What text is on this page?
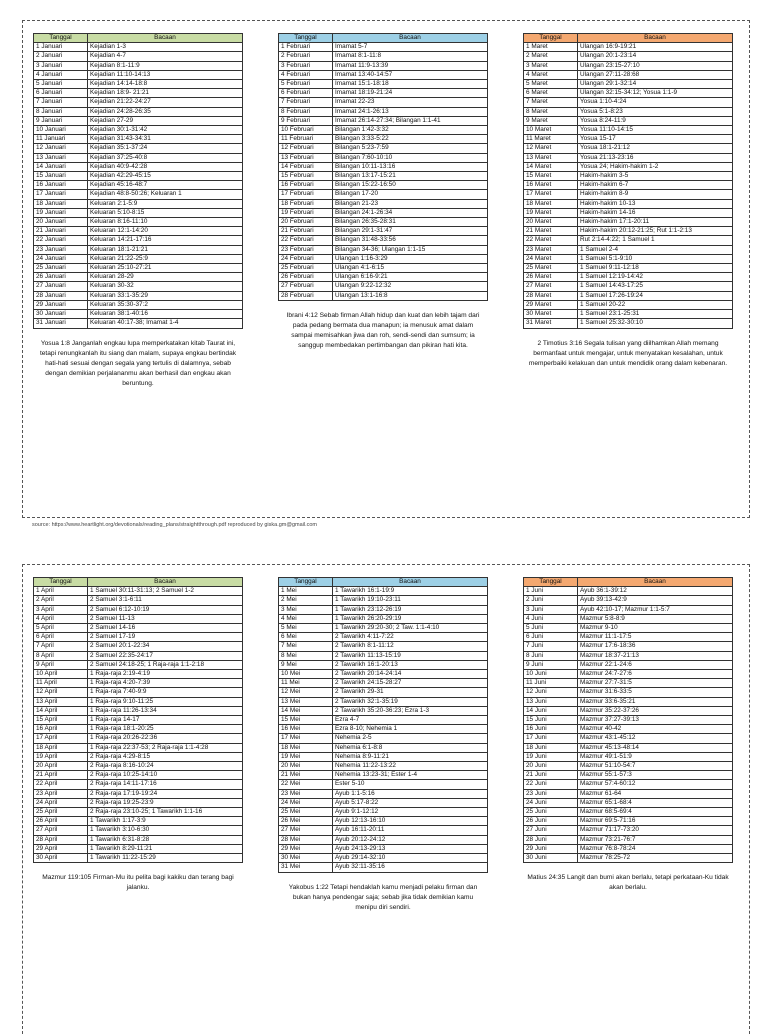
Tanggal	Bacaan
1 Januari	Kejadian 1-3
2 Januari	Kejadian 4-7
3 Januari	Kejadian 8:1-11:9
4 Januari	Kejadian 11:10-14:13
5 Januari	Kejadian 14:14-18:8
6 Januari	Kejadian 18:9- 21:21
7 Januari	Kejadian 21:22-24:27
8 Januari	Kejadian 24:28-26:35
9 Januari	Kejadian 27-29
10 Januari	Kejadian 30:1-31:42
11 Januari	Kejadian 31:43-34:31
12 Januari	Kejadian 35:1-37:24
13 Januari	Kejadian 37:25-40:8
14 Januari	Kejadian 40:9-42:28
15 Januari	Kejadian 42:29-45:15
16 Januari	Kejadian 45:16-48:7
17 Januari	Kejadian 48:8-50:26; Keluaran 1
18 Januari	Keluaran 2:1-5:9
19 Januari	Keluaran 5:10-8:15
20 Januari	Keluaran 8:16-11:10
21 Januari	Keluaran 12:1-14:20
22 Januari	Keluaran 14:21-17:16
23 Januari	Keluaran 18:1-21:21
24 Januari	Keluaran 21:22-25:9
25 Januari	Keluaran 25:10-27:21
26 Januari	Keluaran 28-29
27 Januari	Keluaran 30-32
28 Januari	Keluaran 33:1-35:29
29 Januari	Keluaran 35:30-37:2
30 Januari	Keluaran 38:1-40:16
31 Januari	Keluaran 40:17-38; Imamat 1-4
Yosua 1:8 Janganlah engkau lupa memperkatakan kitab Taurat ini, tetapi renungkanlah itu siang dan malam, supaya engkau bertindak hati-hati sesuai dengan segala yang tertulis di dalamnya, sebab dengan demikian perjalananmu akan berhasil dan engkau akan beruntung.
Tanggal	Bacaan
1 Februari	Imamat 5-7
2 Februari	Imamat 8:1-11:8
3 Februari	Imamat 11:9-13:39
4 Februari	Imamat 13:40-14:57
5 Februari	Imamat 15:1-18:18
6 Februari	Imamat 18:19-21:24
7 Februari	Imamat 22-23
8 Februari	Imamat 24:1-26:13
9 Februari	Imamat 26:14-27:34; Bilangan 1:1-41
10 Februari	Bilangan 1:42-3:32
11 Februari	Bilangan 3:33-5:22
12 Februari	Bilangan 5:23-7:59
13 Februari	Bilangan 7:60-10:10
14 Februari	Bilangan 10:11-13:16
15 Februari	Bilangan 13:17-15:21
16 Februari	Bilangan 15:22-16:50
17 Februari	Bilangan 17-20
18 Februari	Bilangan 21-23
19 Februari	Bilangan 24:1-26:34
20 Februari	Bilangan 26:35-28:31
21 Februari	Bilangan 29:1-31:47
22 Februari	Bilangan 31:48-33:56
23 Februari	Bilangan 34-36; Ulangan 1:1-15
24 Februari	Ulangan 1:16-3:29
25 Februari	Ulangan 4:1-6:15
26 Februari	Ulangan 6:16-9:21
27 Februari	Ulangan 9:22-12:32
28 Februari	Ulangan 13:1-16:8
Ibrani 4:12 Sebab firman Allah hidup dan kuat dan lebih tajam dari pada pedang bermata dua manapun; ia menusuk amat dalam sampai memisahkan jiwa dan roh, sendi-sendi dan sumsum; ia sanggup membedakan pertimbangan dan pikiran hati kita.
Tanggal	Bacaan
1 Maret	Ulangan 16:9-19:21
2 Maret	Ulangan 20:1-23:14
3 Maret	Ulangan 23:15-27:10
4 Maret	Ulangan 27:11-28:68
5 Maret	Ulangan 29:1-32:14
6 Maret	Ulangan 32:15-34:12; Yosua 1:1-9
7 Maret	Yosua 1:10-4:24
8 Maret	Yosua 5:1-8:23
9 Maret	Yosua 8:24-11:9
10 Maret	Yosua 11:10-14:15
11 Maret	Yosua 15-17
12 Maret	Yosua 18:1-21:12
13 Maret	Yosua 21:13-23:16
14 Maret	Yosua 24; Hakim-hakim 1-2
15 Maret	Hakim-hakim 3-5
16 Maret	Hakim-hakim 6-7
17 Maret	Hakim-hakim 8-9
18 Maret	Hakim-hakim 10-13
19 Maret	Hakim-hakim 14-16
20 Maret	Hakim-hakim 17:1-20:11
21 Maret	Hakim-hakim 20:12-21:25; Rut 1:1-2:13
22 Maret	Rut 2:14-4:22; 1 Samuel 1
23 Maret	1 Samuel 2-4
24 Maret	1 Samuel 5:1-9:10
25 Maret	1 Samuel 9:11-12:18
26 Maret	1 Samuel 12:19-14:42
27 Maret	1 Samuel 14:43-17:25
28 Maret	1 Samuel 17:26-19:24
29 Maret	1 Samuel 20-22
30 Maret	1 Samuel 23:1-25:31
31 Maret	1 Samuel 25:32-30:10
2 Timotius 3:16 Segala tulisan yang diilhamkan Allah memang bermanfaat untuk mengajar, untuk menyatakan kesalahan, untuk memperbaiki kelakuan dan untuk mendidik orang dalam kebenaran.
source: https://www.heartlight.org/devotionals/reading_plans/straightthrough.pdf reproduced by giska.gm@gmail.com
Tanggal	Bacaan
1 April	1 Samuel 30:11-31:13; 2 Samuel 1-2
2 April	2 Samuel 3:1-6:11
3 April	2 Samuel 6:12-10:19
4 April	2 Samuel 11-13
5 April	2 Samuel 14-16
6 April	2 Samuel 17-19
7 April	2 Samuel 20:1-22:34
8 April	2 Samuel 22:35-24:17
9 April	2 Samuel 24:18-25; 1 Raja-raja 1:1-2:18
10 April	1 Raja-raja 2:19-4:19
11 April	1 Raja-raja 4:20-7:39
12 April	1 Raja-raja 7:40-9:9
13 April	1 Raja-raja 9:10-11:25
14 April	1 Raja-raja 11:26-13:34
15 April	1 Raja-raja 14-17
16 April	1 Raja-raja 18:1-20:25
17 April	1 Raja-raja 20:26-22:36
18 April	1 Raja-raja 22:37-53; 2 Raja-raja 1:1-4:28
19 April	2 Raja-raja 4:29-8:15
20 April	2 Raja-raja 8:16-10:24
21 April	2 Raja-raja 10:25-14:10
22 April	2 Raja-raja 14:11-17:16
23 April	2 Raja-raja 17:19-19:24
24 April	2 Raja-raja 19:25-23:9
25 April	2 Raja-raja 23:10-25; 1 Tawarikh 1:1-16
26 April	1 Tawarikh 1:17-3:9
27 April	1 Tawarikh 3:10-6:30
28 April	1 Tawarikh 6:31-8:28
29 April	1 Tawarikh 8:29-11:21
30 April	1 Tawarikh 11:22-15:29
Mazmur 119:105 Firman-Mu itu pelita bagi kakiku dan terang bagi jalanku.
Tanggal	Bacaan
1 Mei	1 Tawarikh 16:1-19:9
2 Mei	1 Tawarikh 19:10-23:11
3 Mei	1 Tawarikh 23:12-26:19
4 Mei	1 Tawarikh 26:20-29:19
5 Mei	1 Tawarikh 29:20-30; 2 Taw. 1:1-4:10
6 Mei	2 Tawarikh 4:11-7:22
7 Mei	2 Tawarikh 8:1-11:12
8 Mei	2 Tawarikh 11:13-15:19
9 Mei	2 Tawarikh 16:1-20:13
10 Mei	2 Tawarikh 20:14-24:14
11 Mei	2 Tawarikh 24:15-28:27
12 Mei	2 Tawarikh 29-31
13 Mei	2 Tawarikh 32:1-35:19
14 Mei	2 Tawarikh 35:20-36:23; Ezra 1-3
15 Mei	Ezra 4-7
16 Mei	Ezra 8-10; Nehemia 1
17 Mei	Nehemia 2-5
18 Mei	Nehemia 6:1-8:8
19 Mei	Nehemia 8:9-11:21
20 Mei	Nehemia 11:22-13:22
21 Mei	Nehemia 13:23-31; Ester 1-4
22 Mei	Ester 5-10
23 Mei	Ayub 1:1-5:16
24 Mei	Ayub 5:17-8:22
25 Mei	Ayub 9:1-12:12
26 Mei	Ayub 12:13-16:10
27 Mei	Ayub 16:11-20:11
28 Mei	Ayub 20:12-24:12
29 Mei	Ayub 24:13-29:13
30 Mei	Ayub 29:14-32:10
31 Mei	Ayub 32:11-35:16
Yakobus 1:22 Tetapi hendaklah kamu menjadi pelaku firman dan bukan hanya pendengar saja; sebab jika tidak demikian kamu menipu diri sendiri.
Tanggal	Bacaan
1 Juni	Ayub 36:1-39:12
2 Juni	Ayub 39:13-42:9
3 Juni	Ayub 42:10-17; Mazmur 1:1-5:7
4 Juni	Mazmur 5:8-8:9
5 Juni	Mazmur 9-10
6 Juni	Mazmur 11:1-17:5
7 Juni	Mazmur 17:6-18:36
8 Juni	Mazmur 18:37-21:13
9 Juni	Mazmur 22:1-24:6
10 Juni	Mazmur 24:7-27:6
11 Juni	Mazmur 27:7-31:5
12 Juni	Mazmur 31:6-33:5
13 Juni	Mazmur 33:6-35:21
14 Juni	Mazmur 35:22-37:26
15 Juni	Mazmur 37:27-39:13
16 Juni	Mazmur 40-42
17 Juni	Mazmur 43:1-45:12
18 Juni	Mazmur 45:13-48:14
19 Juni	Mazmur 49:1-51:9
20 Juni	Mazmur 51:10-54:7
21 Juni	Mazmur 55:1-57:3
22 Juni	Mazmur 57:4-60:12
23 Juni	Mazmur 61-64
24 Juni	Mazmur 65:1-68:4
25 Juni	Mazmur 68:5-69:4
26 Juni	Mazmur 69:5-71:16
27 Juni	Mazmur 71:17-73:20
28 Juni	Mazmur 73:21-76:7
29 Juni	Mazmur 76:8-78:24
30 Juni	Mazmur 78:25-72
Matius 24:35 Langit dan bumi akan berlalu, tetapi perkataan-Ku tidak akan berlalu.
